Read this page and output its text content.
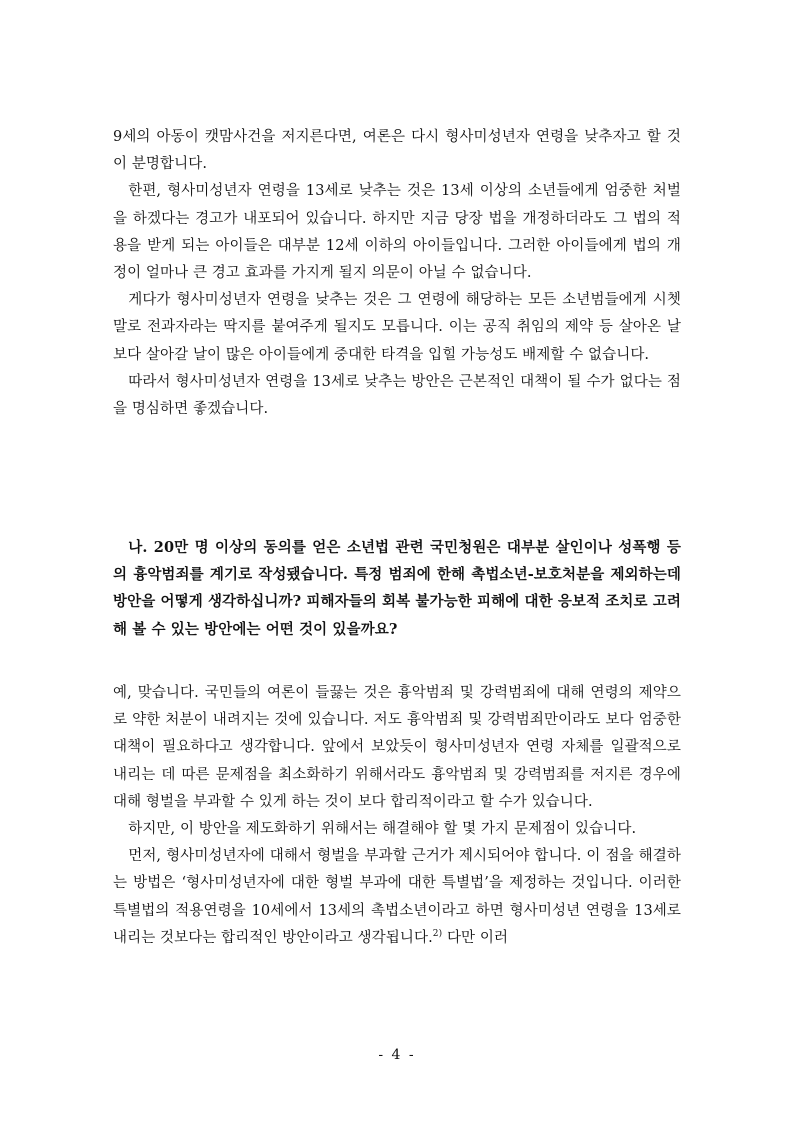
9세의 아동이 캣맘사건을 저지른다면, 여론은 다시 형사미성년자 연령을 낮추자고 할 것이 분명합니다.

한편, 형사미성년자 연령을 13세로 낮추는 것은 13세 이상의 소년들에게 엄중한 처벌을 하겠다는 경고가 내포되어 있습니다. 하지만 지금 당장 법을 개정하더라도 그 법의 적용을 받게 되는 아이들은 대부분 12세 이하의 아이들입니다. 그러한 아이들에게 법의 개정이 얼마나 큰 경고 효과를 가지게 될지 의문이 아닐 수 없습니다.

게다가 형사미성년자 연령을 낮추는 것은 그 연령에 해당하는 모든 소년범들에게 시쳇말로 전과자라는 딱지를 붙여주게 될지도 모릅니다. 이는 공직 취임의 제약 등 살아온 날보다 살아갈 날이 많은 아이들에게 중대한 타격을 입힐 가능성도 배제할 수 없습니다.

따라서 형사미성년자 연령을 13세로 낮추는 방안은 근본적인 대책이 될 수가 없다는 점을 명심하면 좋겠습니다.

나. 20만 명 이상의 동의를 얻은 소년법 관련 국민청원은 대부분 살인이나 성폭행 등의 흉악범죄를 계기로 작성됐습니다. 특정 범죄에 한해 촉법소년-보호처분을 제외하는데 방안을 어떻게 생각하십니까? 피해자들의 회복 불가능한 피해에 대한 응보적 조치로 고려해 볼 수 있는 방안에는 어떤 것이 있을까요?

예, 맞습니다. 국민들의 여론이 들끓는 것은 흉악범죄 및 강력범죄에 대해 연령의 제약으로 약한 처분이 내려지는 것에 있습니다. 저도 흉악범죄 및 강력범죄만이라도 보다 엄중한 대책이 필요하다고 생각합니다. 앞에서 보았듯이 형사미성년자 연령 자체를 일괄적으로 내리는 데 따른 문제점을 최소화하기 위해서라도 흉악범죄 및 강력범죄를 저지른 경우에 대해 형벌을 부과할 수 있게 하는 것이 보다 합리적이라고 할 수가 있습니다.

하지만, 이 방안을 제도화하기 위해서는 해결해야 할 몇 가지 문제점이 있습니다.

먼저, 형사미성년자에 대해서 형벌을 부과할 근거가 제시되어야 합니다. 이 점을 해결하는 방법은 ‘형사미성년자에 대한 형벌 부과에 대한 특별법’을 제정하는 것입니다. 이러한 특별법의 적용연령을 10세에서 13세의 촉법소년이라고 하면 형사미성년 연령을 13세로 내리는 것보다는 합리적인 방안이라고 생각됩니다.$^{2)}$ 다만 이러

- 4 -
